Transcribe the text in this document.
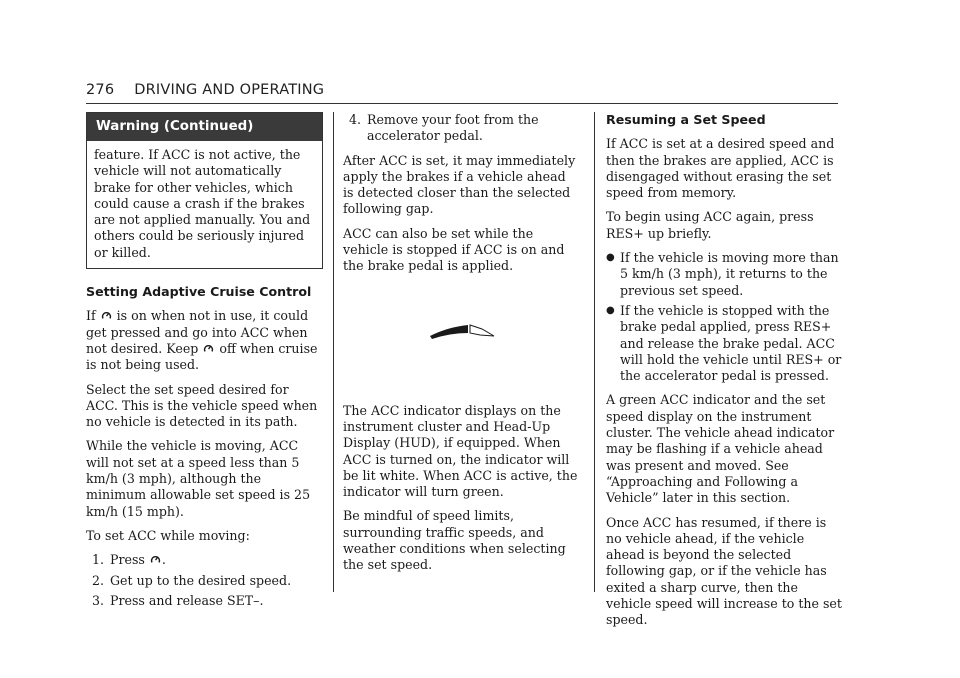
276 DRIVING AND OPERATING
Warning (Continued)
feature. If ACC is not active, the vehicle will not automatically brake for other vehicles, which could cause a crash if the brakes are not applied manually. You and others could be seriously injured or killed.

Setting Adaptive Cruise Control

If  is on when not in use, it could get pressed and go into ACC when not desired. Keep  off when cruise is not being used.

Select the set speed desired for ACC. This is the vehicle speed when no vehicle is detected in its path.

While the vehicle is moving, ACC will not set at a speed less than 5 km/h (3 mph), although the minimum allowable set speed is 25 km/h (15 mph).

To set ACC while moving:

1. Press .
2. Get up to the desired speed.
3. Press and release SET–.
4. Remove your foot from the accelerator pedal.

After ACC is set, it may immediately apply the brakes if a vehicle ahead is detected closer than the selected following gap.

ACC can also be set while the vehicle is stopped if ACC is on and the brake pedal is applied.

The ACC indicator displays on the instrument cluster and Head-Up Display (HUD), if equipped. When ACC is turned on, the indicator will be lit white. When ACC is active, the indicator will turn green.

Be mindful of speed limits, surrounding traffic speeds, and weather conditions when selecting the set speed.

Resuming a Set Speed

If ACC is set at a desired speed and then the brakes are applied, ACC is disengaged without erasing the set speed from memory.

To begin using ACC again, press RES+ up briefly.

● If the vehicle is moving more than 5 km/h (3 mph), it returns to the previous set speed.
● If the vehicle is stopped with the brake pedal applied, press RES+ and release the brake pedal. ACC will hold the vehicle until RES+ or the accelerator pedal is pressed.

A green ACC indicator and the set speed display on the instrument cluster. The vehicle ahead indicator may be flashing if a vehicle ahead was present and moved. See “Approaching and Following a Vehicle” later in this section.

Once ACC has resumed, if there is no vehicle ahead, if the vehicle ahead is beyond the selected following gap, or if the vehicle has exited a sharp curve, then the vehicle speed will increase to the set speed.
